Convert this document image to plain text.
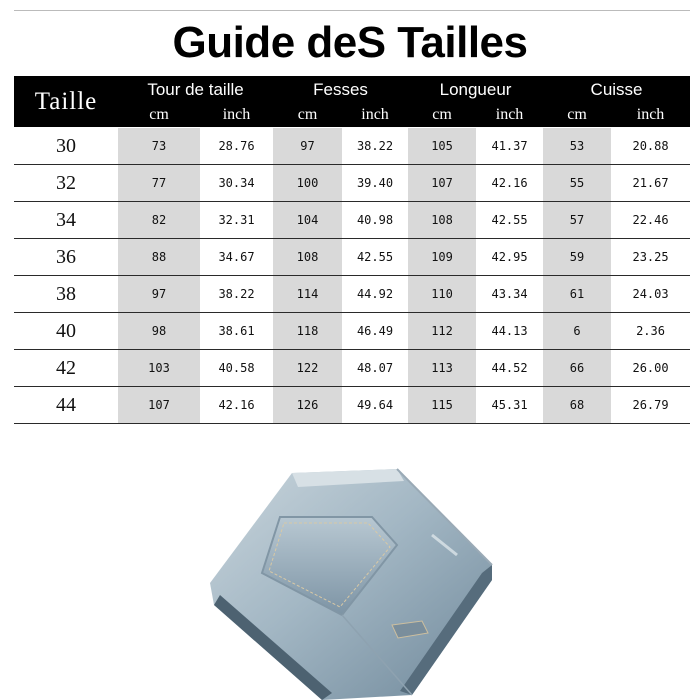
Guide deS Tailles
Taille	Tour de taille		Fesses		Longueur		Cuisse	
	cm	inch	cm	inch	cm	inch	cm	inch
30	73	28.76	97	38.22	105	41.37	53	20.88
32	77	30.34	100	39.40	107	42.16	55	21.67
34	82	32.31	104	40.98	108	42.55	57	22.46
36	88	34.67	108	42.55	109	42.95	59	23.25
38	97	38.22	114	44.92	110	43.34	61	24.03
40	98	38.61	118	46.49	112	44.13	6	2.36
42	103	40.58	122	48.07	113	44.52	66	26.00
44	107	42.16	126	49.64	115	45.31	68	26.79
